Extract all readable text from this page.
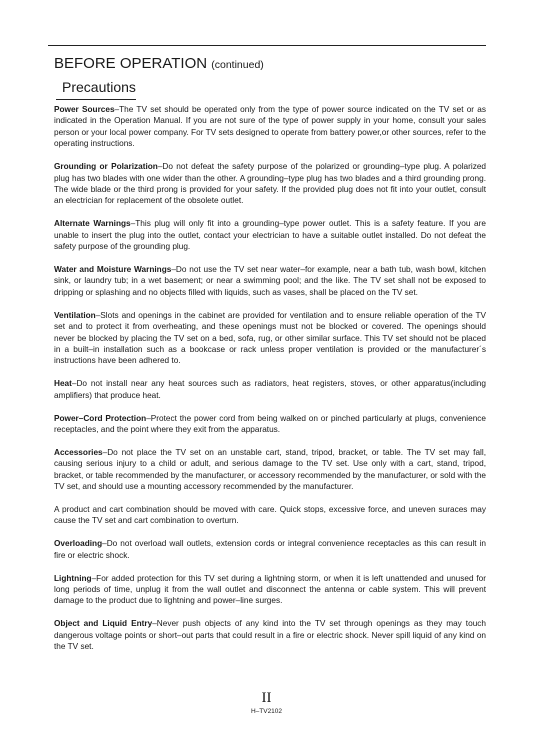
BEFORE OPERATION (continued)
Precautions

Power Sources–The TV set should be operated only from the type of power source indicated on the TV set or as indicated in the Operation Manual. If you are not sure of the type of power supply in your home, consult your sales person or your local power company. For TV sets designed to operate from battery power,or other sources, refer to the operating instructions.

Grounding or Polarization–Do not defeat the safety purpose of the polarized or grounding–type plug. A polarized plug has two blades with one wider than the other. A grounding–type plug has two blades and a third grounding prong. The wide blade or the third prong is provided for your safety. If the provided plug does not fit into your outlet, consult an electrician for replacement of the obsolete outlet.

Alternate Warnings–This plug will only fit into a grounding–type power outlet. This is a safety feature. If you are unable to insert the plug into the outlet, contact your electrician to have a suitable outlet installed. Do not defeat the safety purpose of the grounding plug.

Water and Moisture Warnings–Do not use the TV set near water–for example, near a bath tub, wash bowl, kitchen sink, or laundry tub; in a wet basement; or near a swimming pool; and the like. The TV set shall not be exposed to dripping or splashing and no objects filled with liquids, such as vases, shall be placed on the TV set.

Ventilation–Slots and openings in the cabinet are provided for ventilation and to ensure reliable operation of the TV set and to protect it from overheating, and these openings must not be blocked or covered. The openings should never be blocked by placing the TV set on a bed, sofa, rug, or other similar surface. This TV set should not be placed in a built–in installation such as a bookcase or rack unless proper ventilation is provided or the manufacturer´s instructions have been adhered to.

Heat–Do not install near any heat sources such as radiators, heat registers, stoves, or other apparatus(including amplifiers) that produce heat.

Power–Cord Protection–Protect the power cord from being walked on or pinched particularly at plugs, convenience receptacles, and the point where they exit from the apparatus.

Accessories–Do not place the TV set on an unstable cart, stand, tripod, bracket, or table. The TV set may fall, causing serious injury to a child or adult, and serious damage to the TV set. Use only with a cart, stand, tripod, bracket, or table recommended by the manufacturer, or accessory recommended by the manufacturer, or sold with the TV set, and should use a mounting accessory recommended by the manufacturer.

A product and cart combination should be moved with care. Quick stops, excessive force, and uneven suraces may cause the TV set and cart combination to overturn.

Overloading–Do not overload wall outlets, extension cords or integral convenience receptacles as this can result in fire or electric shock.

Lightning–For added protection for this TV set during a lightning storm, or when it is left unattended and unused for long periods of time, unplug it from the wall outlet and disconnect the antenna or cable system. This will prevent damage to the product due to lightning and power–line surges.

Object and Liquid Entry–Never push objects of any kind into the TV set through openings as they may touch dangerous voltage points or short–out parts that could result in a fire or electric shock. Never spill liquid of any kind on the TV set.

II
H–TV2102
